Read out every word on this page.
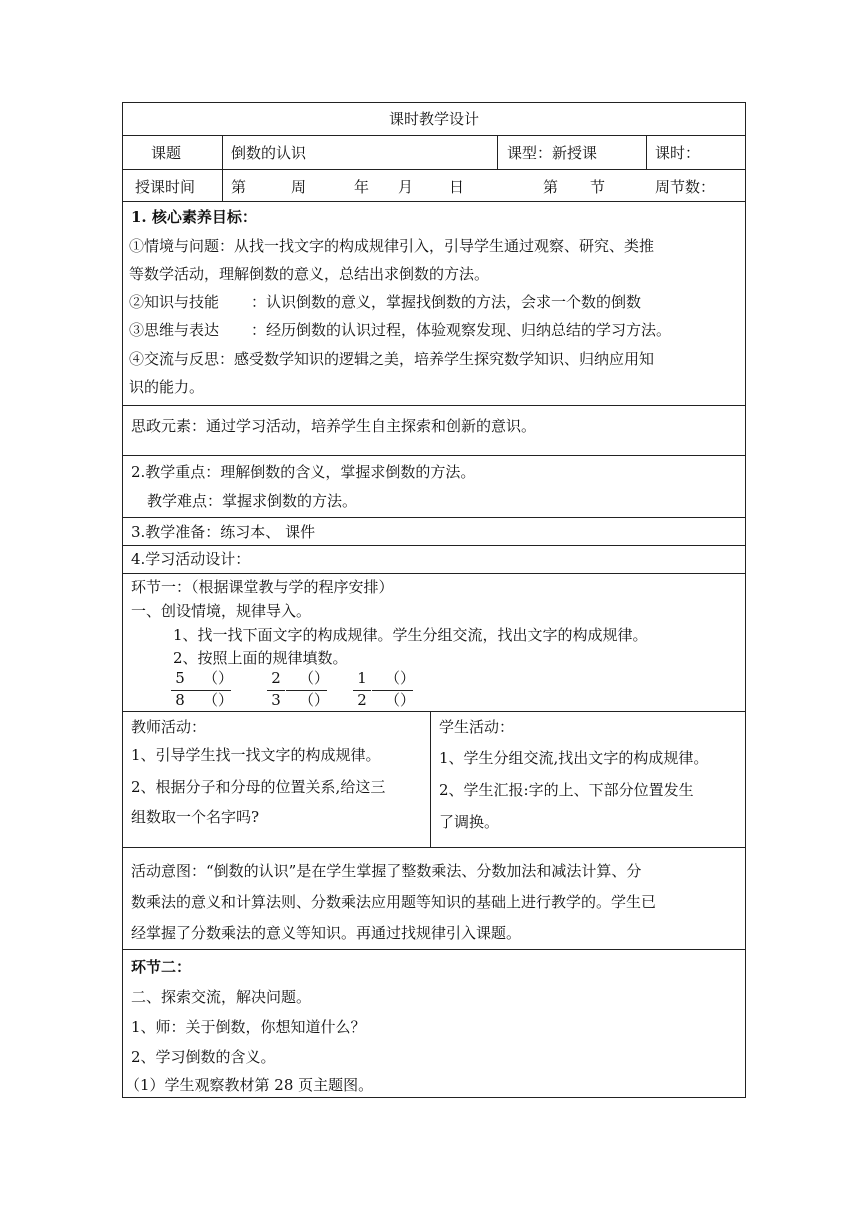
课时教学设计
课题	倒数的认识	课型：新授课	课时：
授课时间 第	周	年 月 日	第 节	周节数：
1. 核心素养目标：
①情境与问题：从找一找文字的构成规律引入，引导学生通过观察、研究、类推
等数学活动，理解倒数的意义，总结出求倒数的方法。
②知识与技能 ：认识倒数的意义，掌握找倒数的方法，会求一个数的倒数
③思维与表达 ：经历倒数的认识过程，体验观察发现、归纳总结的学习方法。
④交流与反思：感受数学知识的逻辑之美，培养学生探究数学知识、归纳应用知
识的能力。
思政元素：通过学习活动，培养学生自主探索和创新的意识。
2.教学重点：理解倒数的含义，掌握求倒数的方法。
教学难点：掌握求倒数的方法。
3.教学准备：练习本、 课件
4.学习活动设计：
环节一：（根据课堂教与学的程序安排）
一、创设情境，规律导入。
1、找一找下面文字的构成规律。学生分组交流，找出文字的构成规律。
2、按照上面的规律填数。
5
8
（）
（）
2
3
（）
（）
1
2
（）
（）
教师活动：
1、引导学生找一找文字的构成规律。
2、根据分子和分母的位置关系,给这三
组数取一个名字吗?
学生活动：
1、学生分组交流,找出文字的构成规律。
2、学生汇报:字的上、下部分位置发生
了调换。
活动意图：“倒数的认识”是在学生掌握了整数乘法、分数加法和减法计算、分
数乘法的意义和计算法则、分数乘法应用题等知识的基础上进行教学的。学生已
经掌握了分数乘法的意义等知识。再通过找规律引入课题。
环节二：
二、探索交流，解决问题。
1、师：关于倒数，你想知道什么？
2、学习倒数的含义。
（1）学生观察教材第 28 页主题图。
